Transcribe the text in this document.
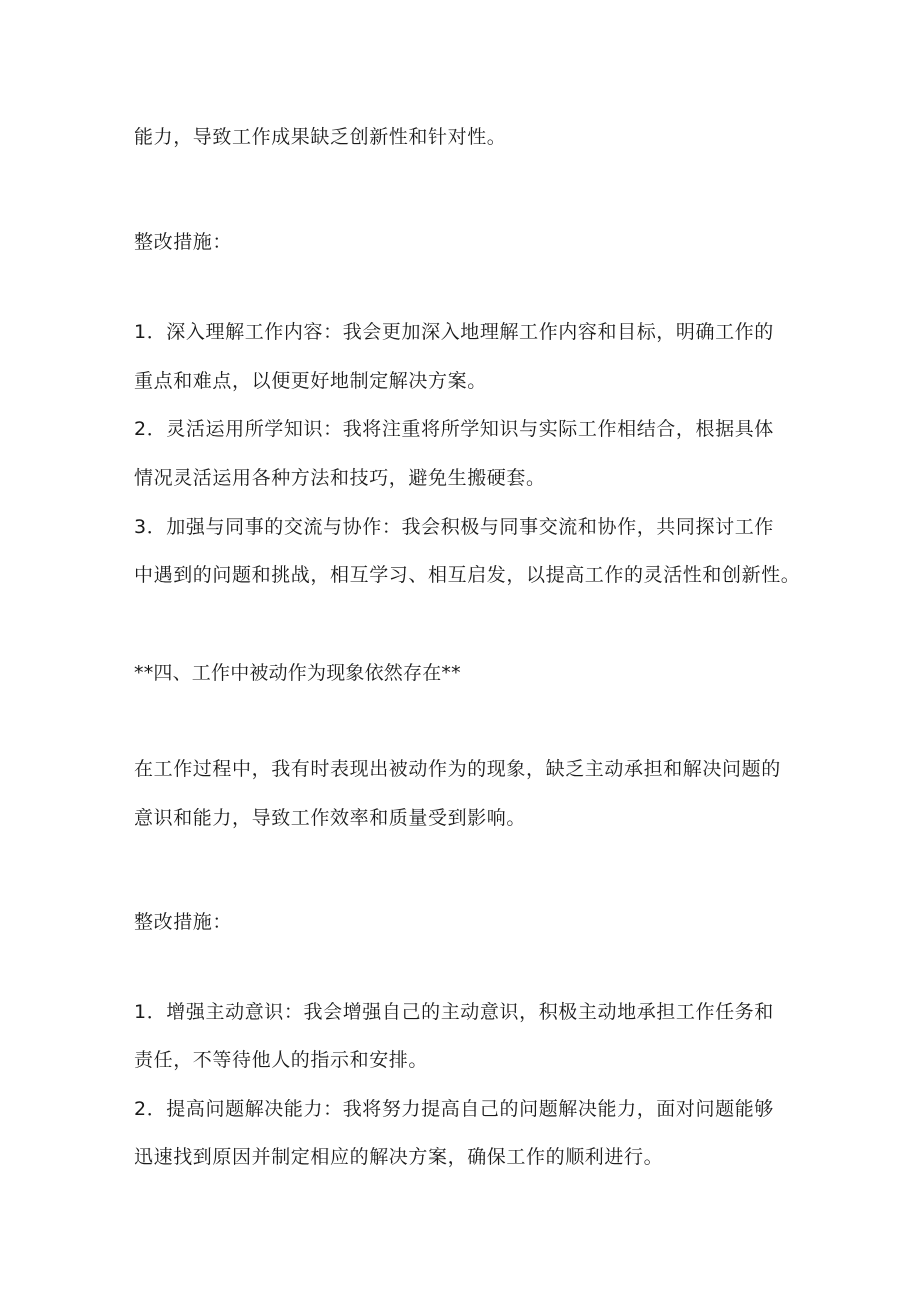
能力，导致工作成果缺乏创新性和针对性。
整改措施：
1．深入理解工作内容：我会更加深入地理解工作内容和目标，明确工作的
重点和难点，以便更好地制定解决方案。
2．灵活运用所学知识：我将注重将所学知识与实际工作相结合，根据具体
情况灵活运用各种方法和技巧，避免生搬硬套。
3．加强与同事的交流与协作：我会积极与同事交流和协作，共同探讨工作
中遇到的问题和挑战，相互学习、相互启发，以提高工作的灵活性和创新性。
**四、工作中被动作为现象依然存在**
在工作过程中，我有时表现出被动作为的现象，缺乏主动承担和解决问题的
意识和能力，导致工作效率和质量受到影响。
整改措施：
1．增强主动意识：我会增强自己的主动意识，积极主动地承担工作任务和
责任，不等待他人的指示和安排。
2．提高问题解决能力：我将努力提高自己的问题解决能力，面对问题能够
迅速找到原因并制定相应的解决方案，确保工作的顺利进行。
